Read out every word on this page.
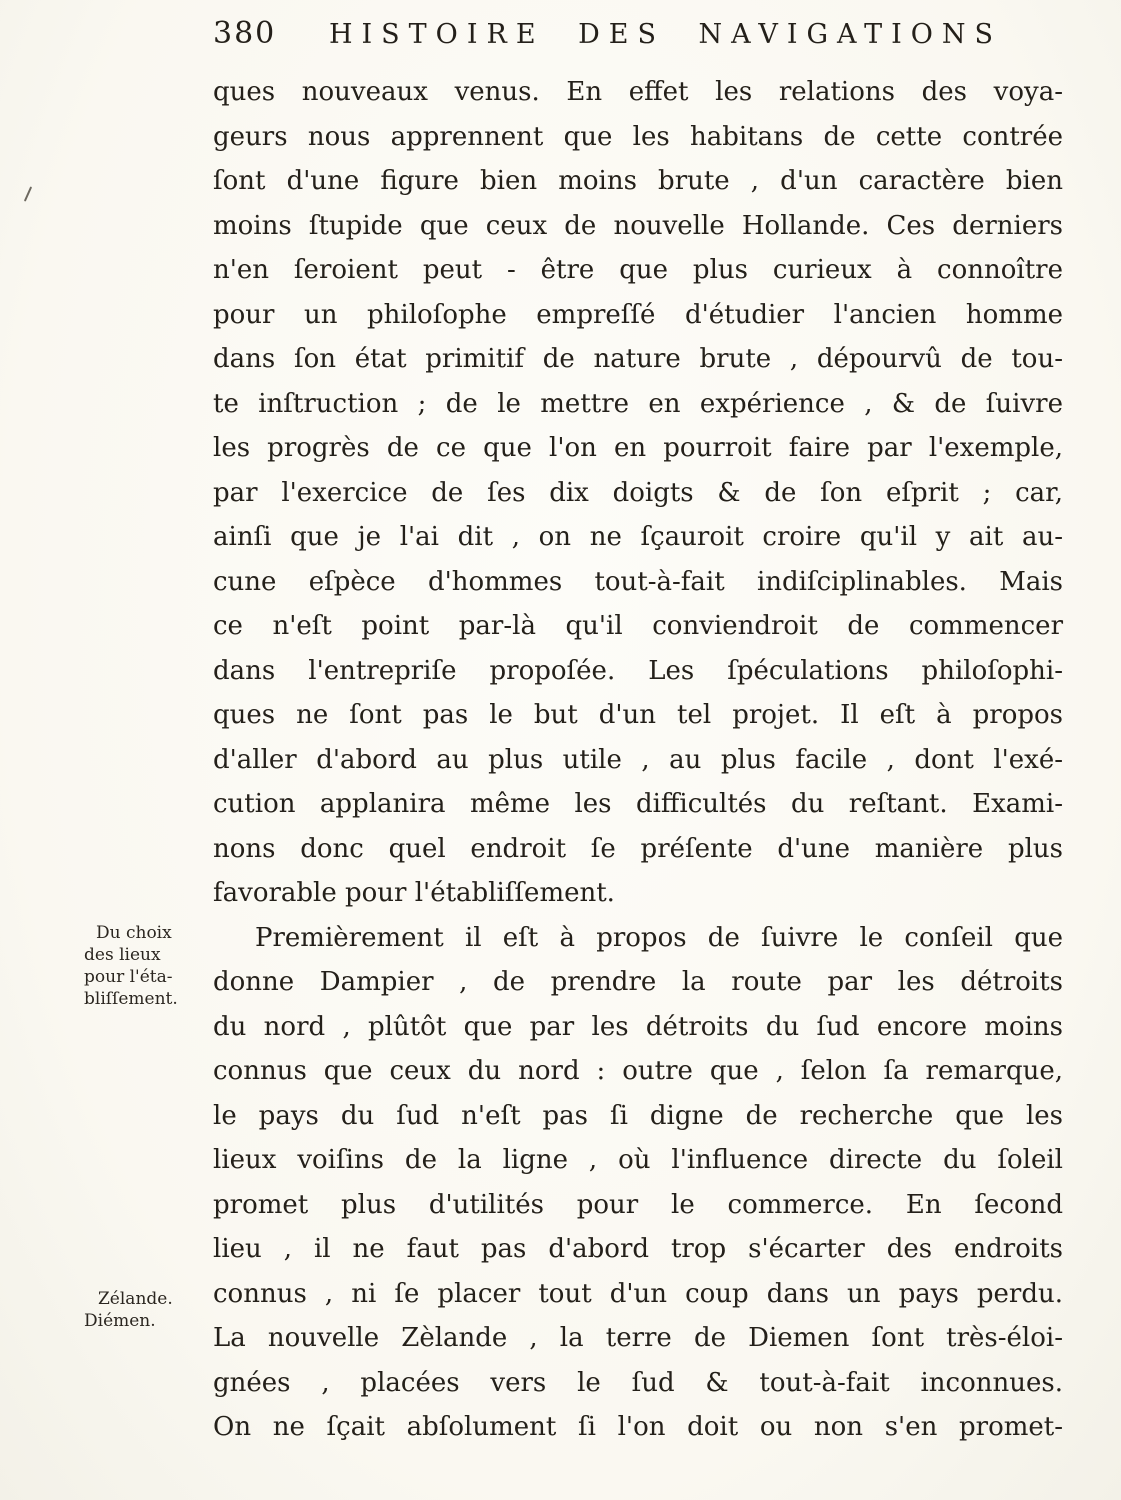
380	HISTOIRE DES NAVIGATIONS
Du choix
des lieux
pour l'éta-
bliſſement.
Zélande.
Diémen.
ques nouveaux venus. En effet les relations des voya-
geurs nous apprennent que les habitans de cette contrée
ſont d'une figure bien moins brute , d'un caractère bien
moins ſtupide que ceux de nouvelle Hollande. Ces derniers
n'en ſeroient peut - être que plus curieux à connoître
pour un philoſophe empreſſé d'étudier l'ancien homme
dans ſon état primitif de nature brute , dépourvû de tou-
te inſtruction ; de le mettre en expérience , & de ſuivre
les progrès de ce que l'on en pourroit faire par l'exemple,
par l'exercice de ſes dix doigts & de ſon eſprit ; car,
ainſi que je l'ai dit , on ne ſçauroit croire qu'il y ait au-
cune eſpèce d'hommes tout-à-fait indiſciplinables. Mais
ce n'eſt point par-là qu'il conviendroit de commencer
dans l'entrepriſe propoſée. Les ſpéculations philoſophi-
ques ne ſont pas le but d'un tel projet. Il eſt à propos
d'aller d'abord au plus utile , au plus facile , dont l'exé-
cution applanira même les difficultés du reſtant. Exami-
nons donc quel endroit ſe préſente d'une manière plus
favorable pour l'établiſſement.
Premièrement il eſt à propos de ſuivre le conſeil que
donne Dampier , de prendre la route par les détroits
du nord , plûtôt que par les détroits du ſud encore moins
connus que ceux du nord : outre que , ſelon ſa remarque,
le pays du ſud n'eſt pas ſi digne de recherche que les
lieux voiſins de la ligne , où l'influence directe du ſoleil
promet plus d'utilités pour le commerce. En ſecond
lieu , il ne faut pas d'abord trop s'écarter des endroits
connus , ni ſe placer tout d'un coup dans un pays perdu.
La nouvelle Zèlande , la terre de Diemen ſont très-éloi-
gnées , placées vers le ſud & tout-à-fait inconnues.
On ne ſçait abſolument ſi l'on doit ou non s'en promet-
